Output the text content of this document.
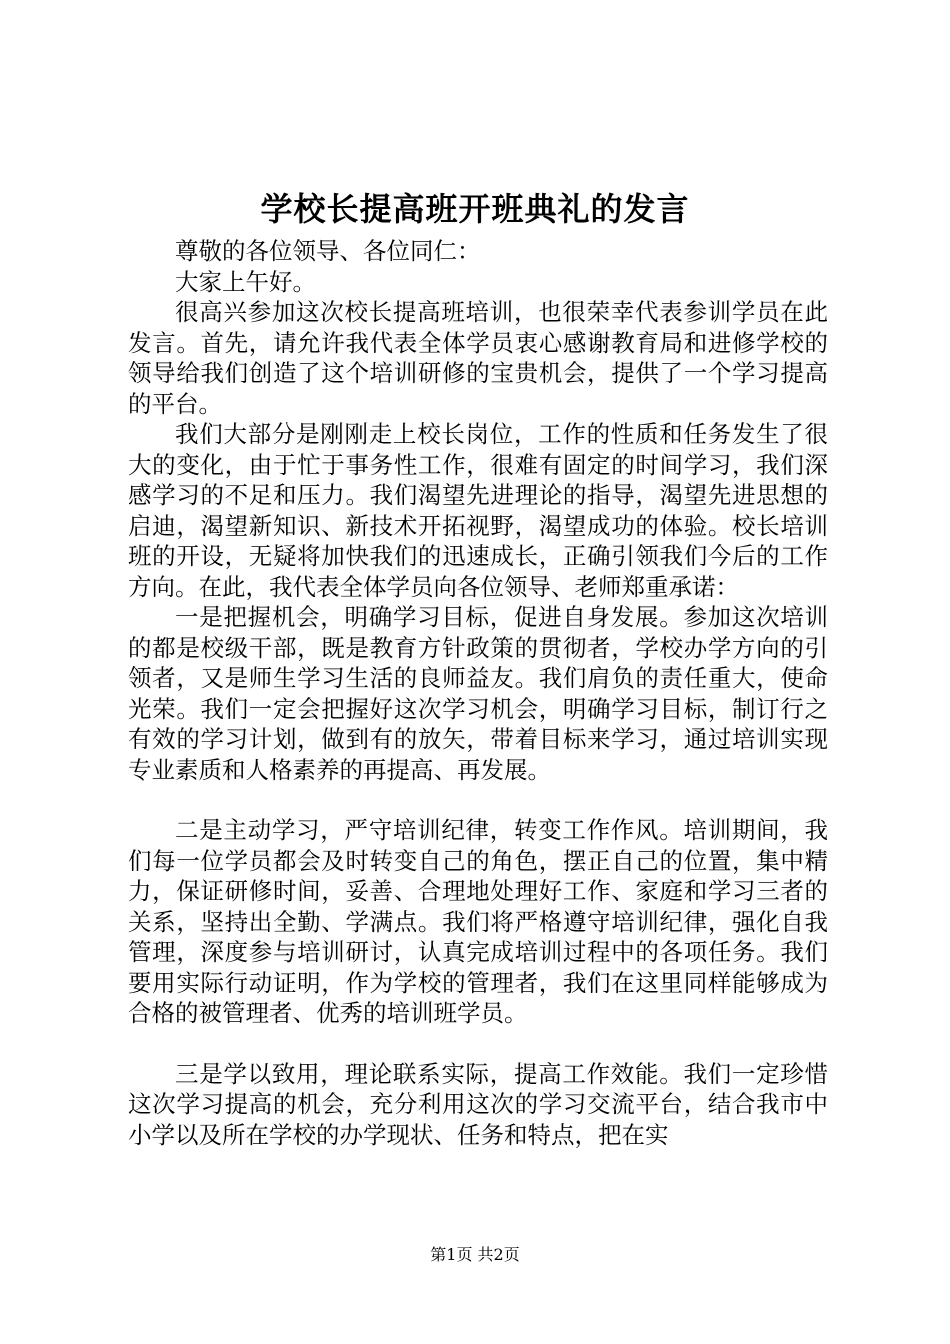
学校长提高班开班典礼的发言

尊敬的各位领导、各位同仁：

大家上午好。

很高兴参加这次校长提高班培训，也很荣幸代表参训学员在此发言。首先，请允许我代表全体学员衷心感谢教育局和进修学校的领导给我们创造了这个培训研修的宝贵机会，提供了一个学习提高的平台。

我们大部分是刚刚走上校长岗位，工作的性质和任务发生了很大的变化，由于忙于事务性工作，很难有固定的时间学习，我们深感学习的不足和压力。我们渴望先进理论的指导，渴望先进思想的启迪，渴望新知识、新技术开拓视野，渴望成功的体验。校长培训班的开设，无疑将加快我们的迅速成长，正确引领我们今后的工作方向。在此，我代表全体学员向各位领导、老师郑重承诺：

一是把握机会，明确学习目标，促进自身发展。参加这次培训的都是校级干部，既是教育方针政策的贯彻者，学校办学方向的引领者，又是师生学习生活的良师益友。我们肩负的责任重大，使命光荣。我们一定会把握好这次学习机会，明确学习目标，制订行之有效的学习计划，做到有的放矢，带着目标来学习，通过培训实现专业素质和人格素养的再提高、再发展。

二是主动学习，严守培训纪律，转变工作作风。培训期间，我们每一位学员都会及时转变自己的角色，摆正自己的位置，集中精力，保证研修时间，妥善、合理地处理好工作、家庭和学习三者的关系，坚持出全勤、学满点。我们将严格遵守培训纪律，强化自我管理，深度参与培训研讨，认真完成培训过程中的各项任务。我们要用实际行动证明，作为学校的管理者，我们在这里同样能够成为合格的被管理者、优秀的培训班学员。

三是学以致用，理论联系实际，提高工作效能。我们一定珍惜这次学习提高的机会，充分利用这次的学习交流平台，结合我市中小学以及所在学校的办学现状、任务和特点，把在实

第1页 共2页
